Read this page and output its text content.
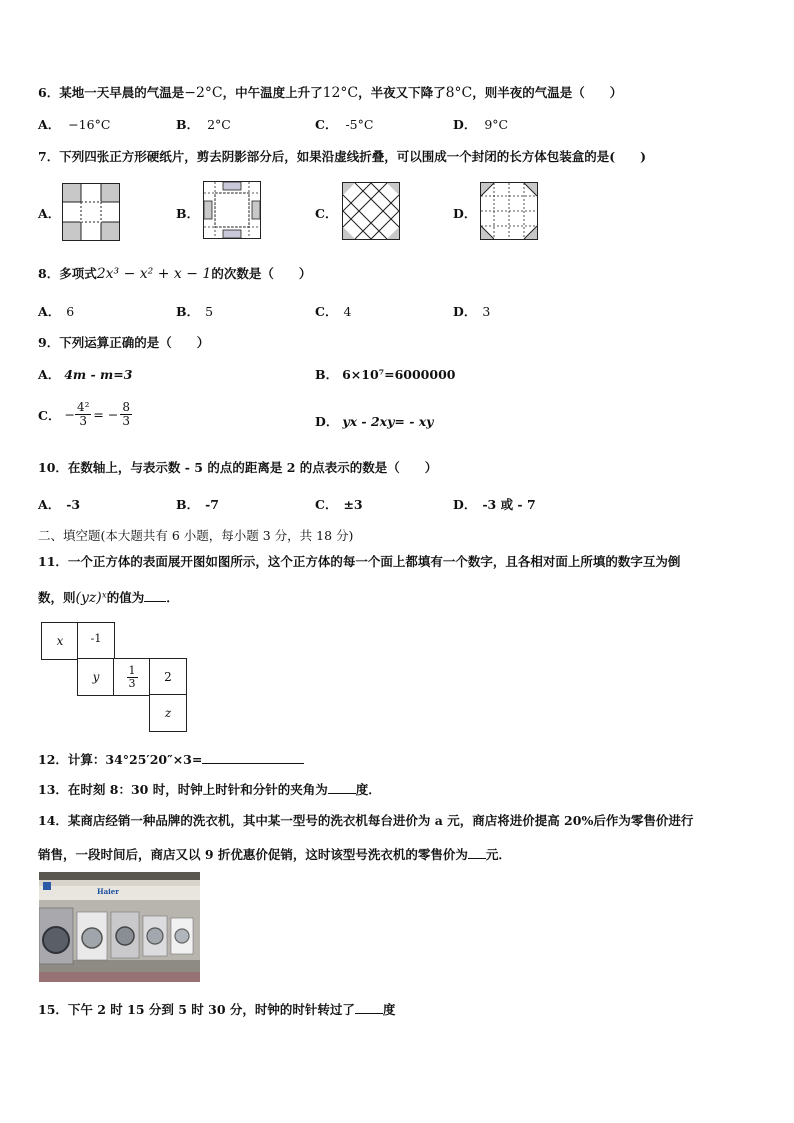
6．某地一天早晨的气温是−2°C，中午温度上升了12°C，半夜又下降了8°C，则半夜的气温是（　　）
A． −16°C	B． 2°C	C． -5°C	D． 9°C
7．下列四张正方形硬纸片，剪去阴影部分后，如果沿虚线折叠，可以围成一个封闭的长方体包装盒的是(　　)
A．	B．	C．	D．
8．多项式2x³ − x² + x − 1的次数是（　　）
A． 6	B． 5	C． 4	D． 3
9．下列运算正确的是（　　）
A． 4m - m=3	B． 6×10⁷=6000000
C． − $\frac{\text{4²}}{3}$ = − $\frac{8}{3}$	D． yx - 2xy= - xy
10．在数轴上，与表示数 - 5 的点的距离是 2 的点表示的数是（　　）
A． -3	B． -7	C． ±3	D． -3 或 - 7
二、填空题(本大题共有 6 小题，每小题 3 分，共 18 分)
11．一个正方体的表面展开图如图所示，这个正方体的每一个面上都填有一个数字，且各相对面上所填的数字互为倒
数，则(yz)ˣ的值为 ．
x -1
y $\frac{1}{3} 2$
z
12．计算：34°25′20″×3=
13．在时刻 8：30 时，时钟上时针和分针的夹角为 度．
14．某商店经销一种品牌的洗衣机，其中某一型号的洗衣机每台进价为 a 元，商店将进价提高 20%后作为零售价进行
销售，一段时间后，商店又以 9 折优惠价促销，这时该型号洗衣机的零售价为 元．
Haier
15．下午 2 时 15 分到 5 时 30 分，时钟的时针转过了 度
